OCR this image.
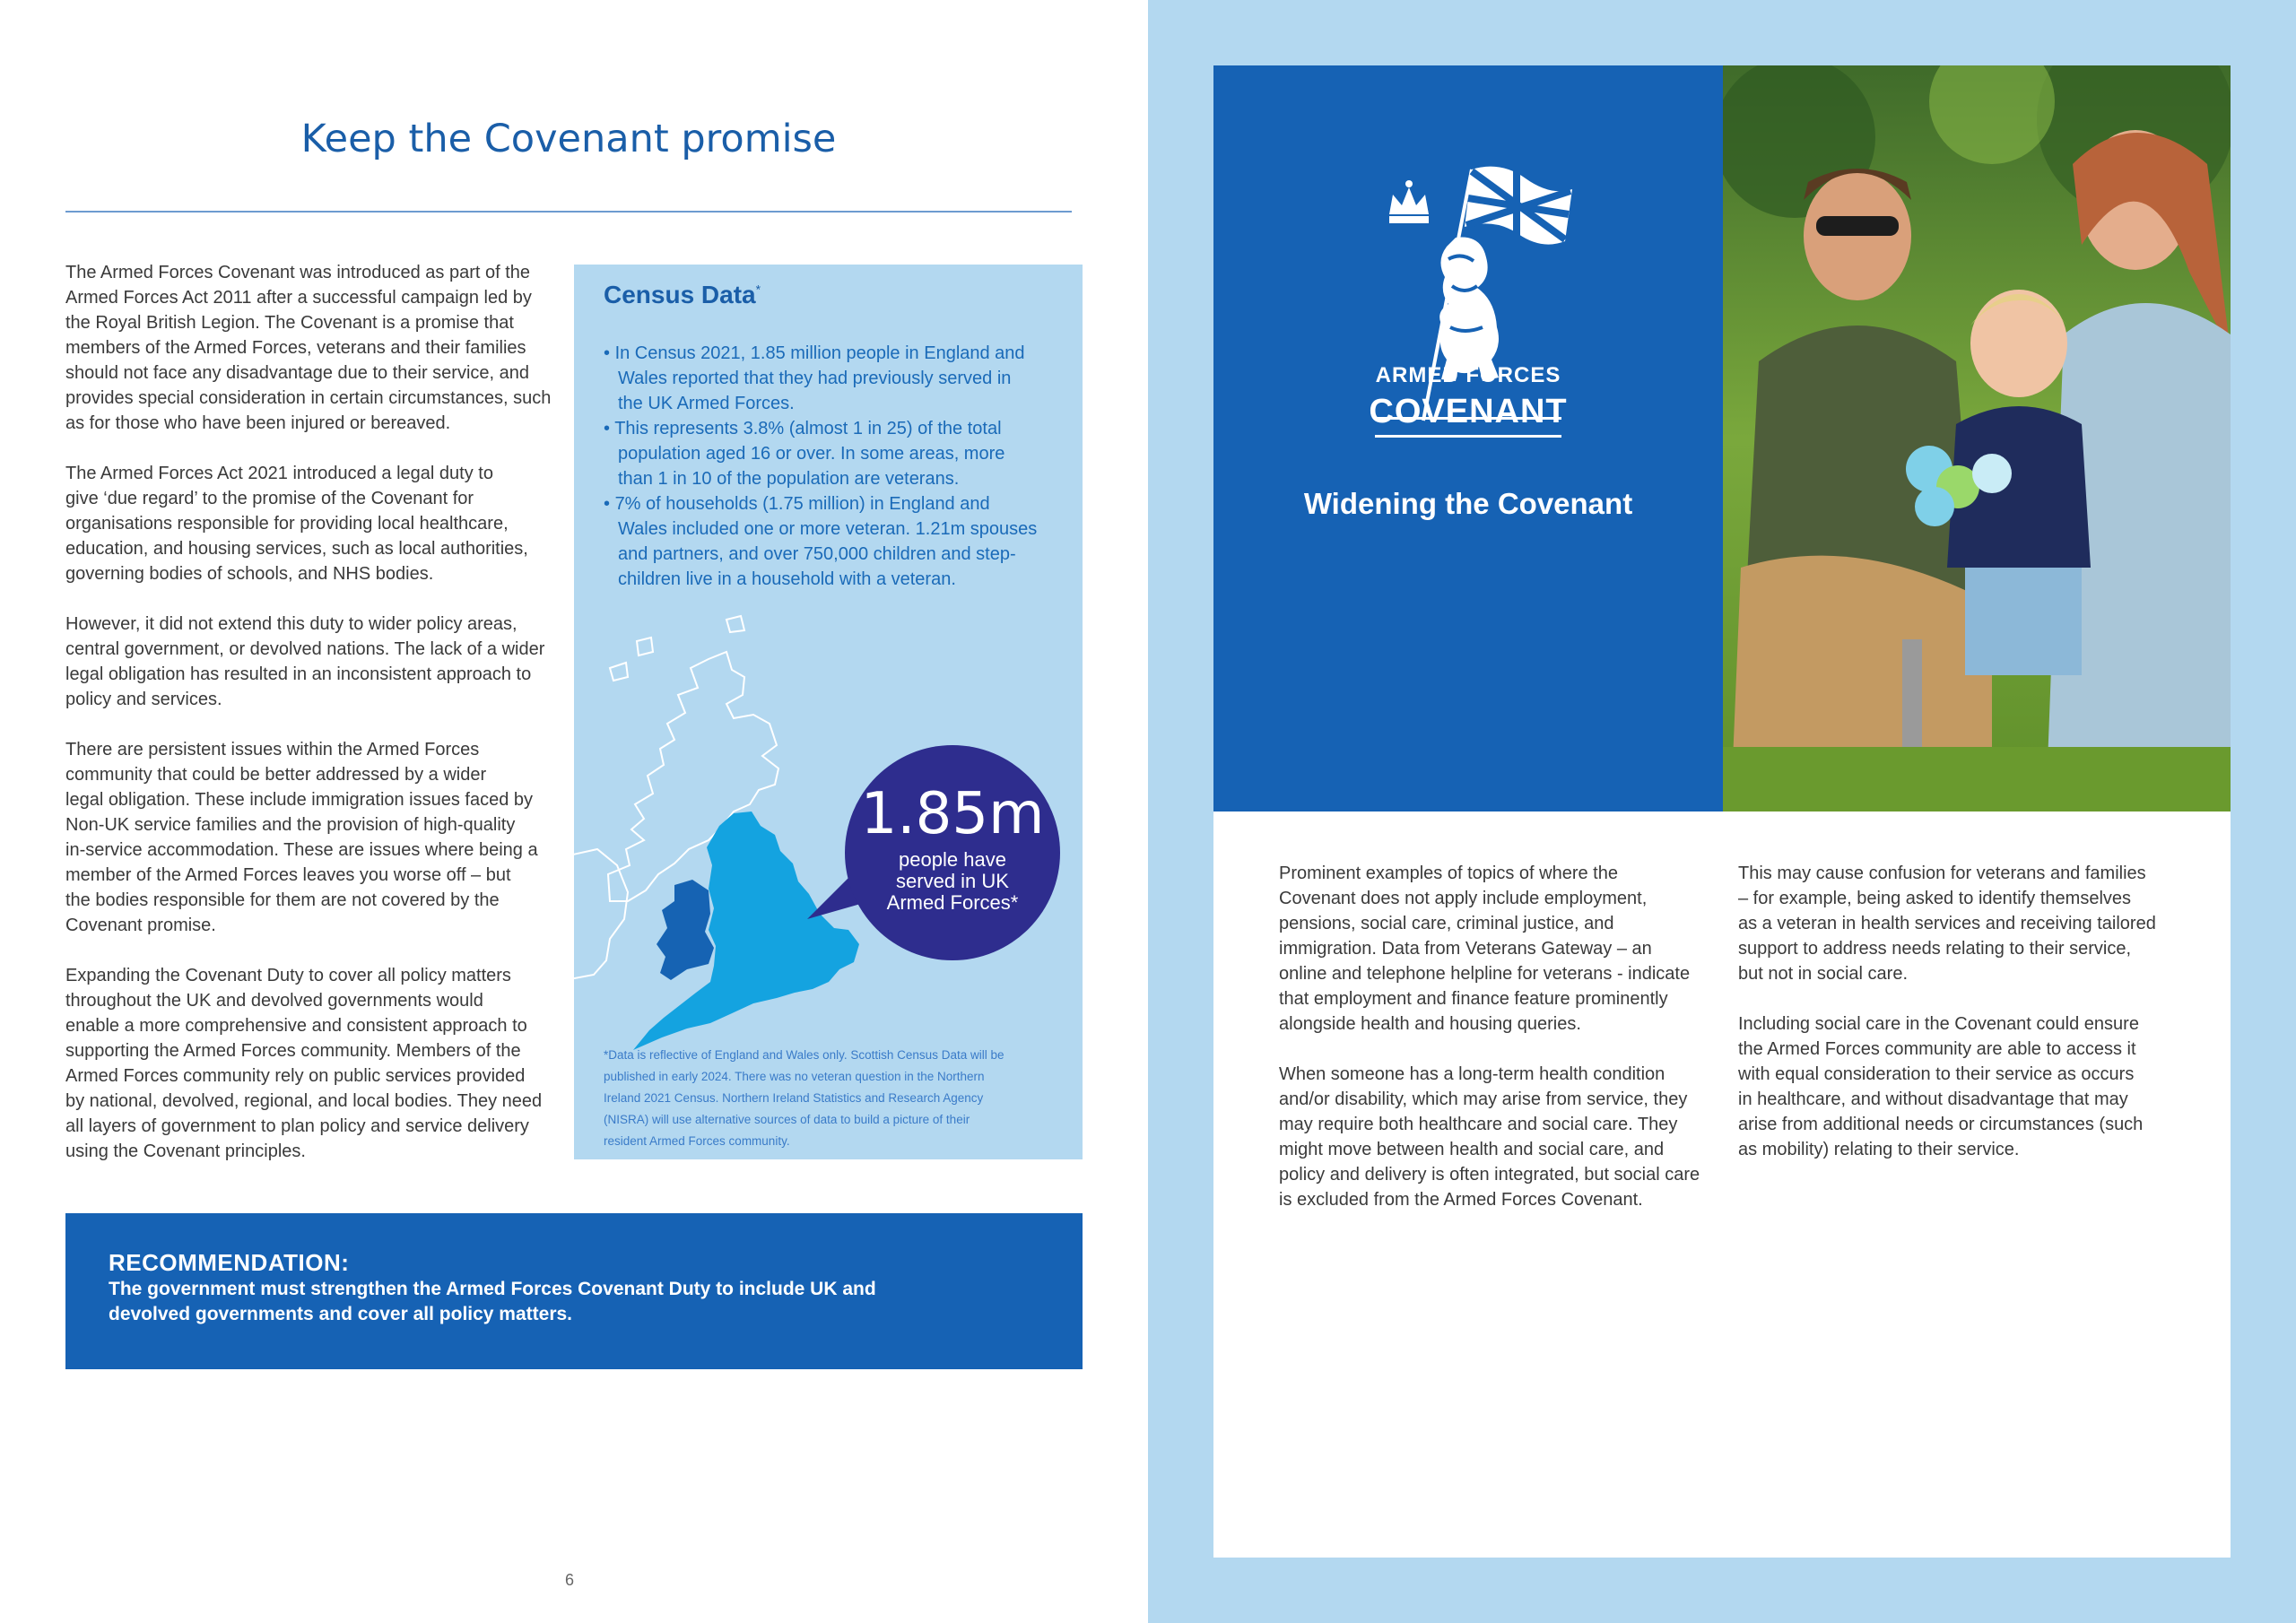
Keep the Covenant promise

The Armed Forces Covenant was introduced as part of the
Armed Forces Act 2011 after a successful campaign led by
the Royal British Legion. The Covenant is a promise that
members of the Armed Forces, veterans and their families
should not face any disadvantage due to their service, and
provides special consideration in certain circumstances, such
as for those who have been injured or bereaved.

The Armed Forces Act 2021 introduced a legal duty to
give ‘due regard’ to the promise of the Covenant for
organisations responsible for providing local healthcare,
education, and housing services, such as local authorities,
governing bodies of schools, and NHS bodies.

However, it did not extend this duty to wider policy areas,
central government, or devolved nations. The lack of a wider
legal obligation has resulted in an inconsistent approach to
policy and services.

There are persistent issues within the Armed Forces
community that could be better addressed by a wider
legal obligation. These include immigration issues faced by
Non-UK service families and the provision of high-quality
in-service accommodation. These are issues where being a
member of the Armed Forces leaves you worse off – but
the bodies responsible for them are not covered by the
Covenant promise.

Expanding the Covenant Duty to cover all policy matters
throughout the UK and devolved governments would
enable a more comprehensive and consistent approach to
supporting the Armed Forces community. Members of the
Armed Forces community rely on public services provided
by national, devolved, regional, and local bodies. They need
all layers of government to plan policy and service delivery
using the Covenant principles.

Census Data*
• In Census 2021, 1.85 million people in England and
Wales reported that they had previously served in
the UK Armed Forces.
• This represents 3.8% (almost 1 in 25) of the total
population aged 16 or over. In some areas, more
than 1 in 10 of the population are veterans.
• 7% of households (1.75 million) in England and
Wales included one or more veteran. 1.21m spouses
and partners, and over 750,000 children and step-
children live in a household with a veteran.
1.85m
people have
served in UK
Armed Forces*
*Data is reflective of England and Wales only. Scottish Census Data will be
published in early 2024. There was no veteran question in the Northern
Ireland 2021 Census. Northern Ireland Statistics and Research Agency
(NISRA) will use alternative sources of data to build a picture of their
resident Armed Forces community.
RECOMMENDATION:
The government must strengthen the Armed Forces Covenant Duty to include UK and
devolved governments and cover all policy matters.
6
ARMED FORCES
COVENANT
Widening the Covenant

Prominent examples of topics of where the
Covenant does not apply include employment,
pensions, social care, criminal justice, and
immigration. Data from Veterans Gateway – an
online and telephone helpline for veterans - indicate
that employment and finance feature prominently
alongside health and housing queries.

When someone has a long-term health condition
and/or disability, which may arise from service, they
may require both healthcare and social care. They
might move between health and social care, and
policy and delivery is often integrated, but social care
is excluded from the Armed Forces Covenant.

This may cause confusion for veterans and families
– for example, being asked to identify themselves
as a veteran in health services and receiving tailored
support to address needs relating to their service,
but not in social care.

Including social care in the Covenant could ensure
the Armed Forces community are able to access it
with equal consideration to their service as occurs
in healthcare, and without disadvantage that may
arise from additional needs or circumstances (such
as mobility) relating to their service.
